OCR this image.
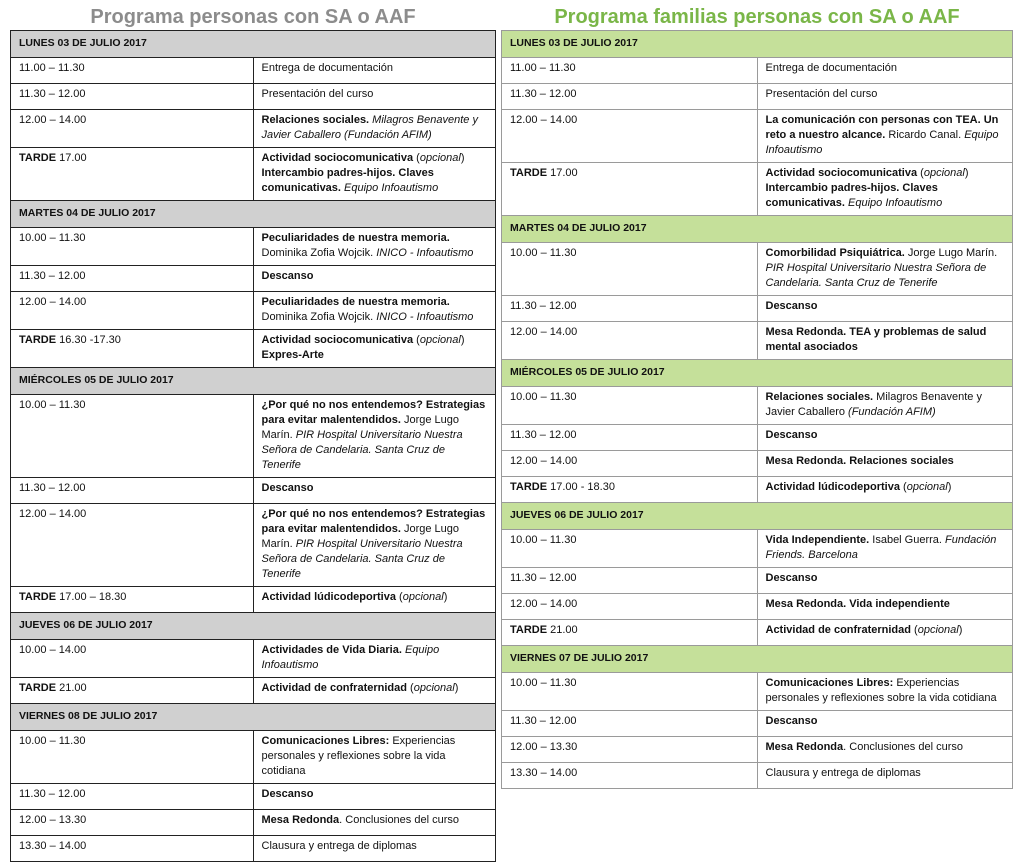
Programa personas con SA o AAF
LUNES 03 DE JULIO 2017	
11.00 – 11.30	Entrega de documentación
11.30 – 12.00	Presentación del curso
12.00 – 14.00	Relaciones sociales. Milagros Benavente y Javier Caballero (Fundación AFIM)
TARDE 17.00	Actividad sociocomunicativa (opcional) Intercambio padres-hijos. Claves comunicativas. Equipo Infoautismo
MARTES 04 DE JULIO 2017	
10.00 – 11.30	Peculiaridades de nuestra memoria. Dominika Zofia Wojcik. INICO - Infoautismo
11.30 – 12.00	Descanso
12.00 – 14.00	Peculiaridades de nuestra memoria. Dominika Zofia Wojcik. INICO - Infoautismo
TARDE 16.30 -17.30	Actividad sociocomunicativa (opcional) Expres-Arte
MIÉRCOLES 05 DE JULIO 2017	
10.00 – 11.30	¿Por qué no nos entendemos? Estrategias para evitar malentendidos. Jorge Lugo Marín. PIR Hospital Universitario Nuestra Señora de Candelaria. Santa Cruz de Tenerife
11.30 – 12.00	Descanso
12.00 – 14.00	¿Por qué no nos entendemos? Estrategias para evitar malentendidos. Jorge Lugo Marín. PIR Hospital Universitario Nuestra Señora de Candelaria. Santa Cruz de Tenerife
TARDE 17.00 – 18.30	Actividad lúdicodeportiva (opcional)
JUEVES 06 DE JULIO 2017	
10.00 – 14.00	Actividades de Vida Diaria. Equipo Infoautismo
TARDE 21.00	Actividad de confraternidad (opcional)
VIERNES 08 DE JULIO 2017	
10.00 – 11.30	Comunicaciones Libres: Experiencias personales y reflexiones sobre la vida cotidiana
11.30 – 12.00	Descanso
12.00 – 13.30	Mesa Redonda. Conclusiones del curso
13.30 – 14.00	Clausura y entrega de diplomas
Programa familias personas con SA o AAF
LUNES 03 DE JULIO 2017	
11.00 – 11.30	Entrega de documentación
11.30 – 12.00	Presentación del curso
12.00 – 14.00	La comunicación con personas con TEA. Un reto a nuestro alcance. Ricardo Canal. Equipo Infoautismo
TARDE 17.00	Actividad sociocomunicativa (opcional) Intercambio padres-hijos. Claves comunicativas. Equipo Infoautismo
MARTES 04 DE JULIO 2017	
10.00 – 11.30	Comorbilidad Psiquiátrica. Jorge Lugo Marín. PIR Hospital Universitario Nuestra Señora de Candelaria. Santa Cruz de Tenerife
11.30 – 12.00	Descanso
12.00 – 14.00	Mesa Redonda. TEA y problemas de salud mental asociados
MIÉRCOLES 05 DE JULIO 2017	
10.00 – 11.30	Relaciones sociales. Milagros Benavente y Javier Caballero (Fundación AFIM)
11.30 – 12.00	Descanso
12.00 – 14.00	Mesa Redonda. Relaciones sociales
TARDE 17.00 - 18.30	Actividad lúdicodeportiva (opcional)
JUEVES 06 DE JULIO 2017	
10.00 – 11.30	Vida Independiente. Isabel Guerra. Fundación Friends. Barcelona
11.30 – 12.00	Descanso
12.00 – 14.00	Mesa Redonda. Vida independiente
TARDE 21.00	Actividad de confraternidad (opcional)
VIERNES 07 DE JULIO 2017	
10.00 – 11.30	Comunicaciones Libres: Experiencias personales y reflexiones sobre la vida cotidiana
11.30 – 12.00	Descanso
12.00 – 13.30	Mesa Redonda. Conclusiones del curso
13.30 – 14.00	Clausura y entrega de diplomas
